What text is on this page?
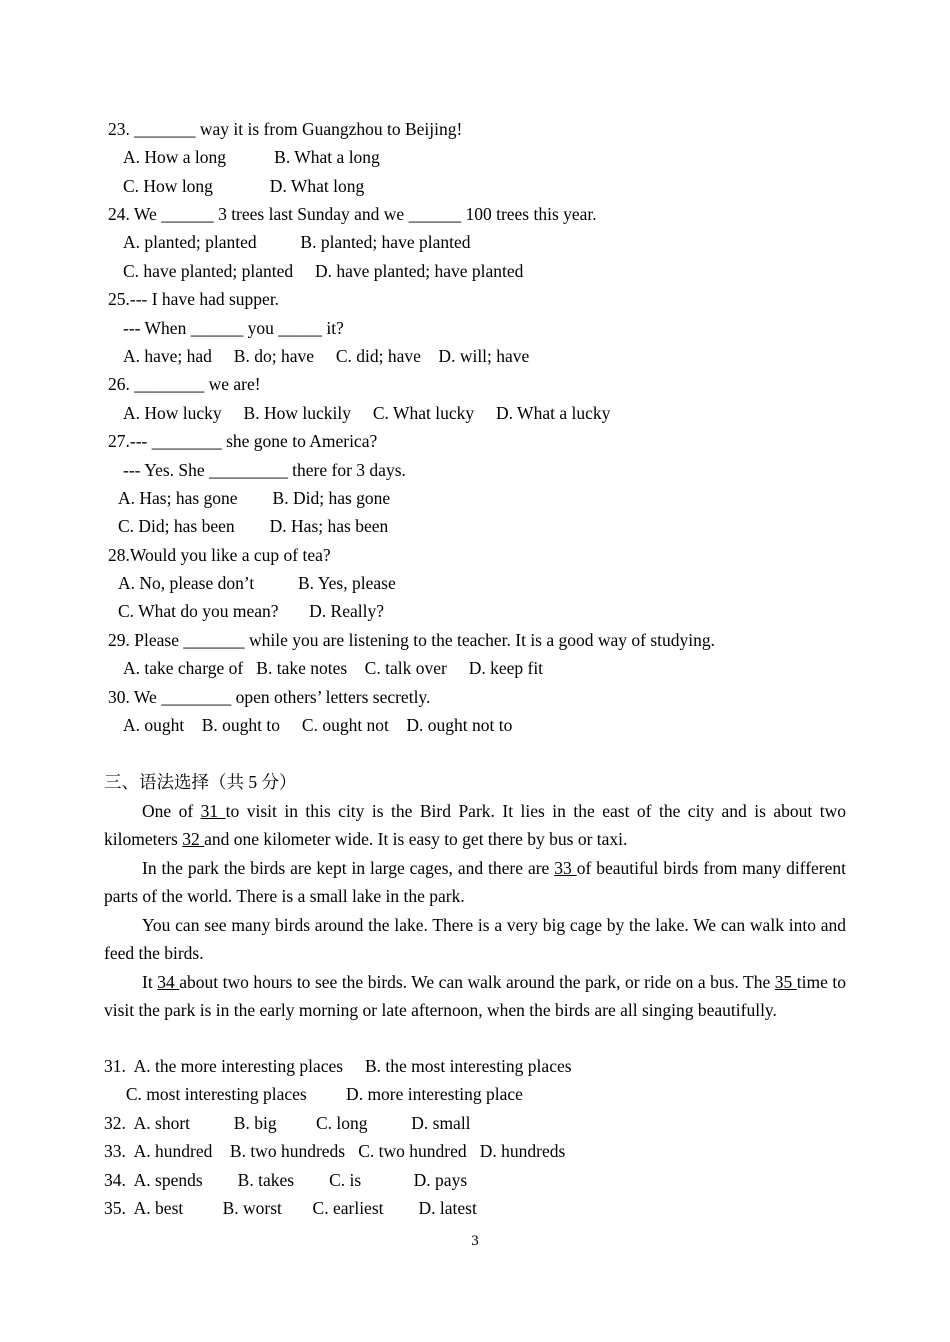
23. _______ way it is from Guangzhou to Beijing!
A. How a long           B. What a long
C. How long             D. What long
24. We ______ 3 trees last Sunday and we ______ 100 trees this year.
A. planted; planted          B. planted; have planted
C. have planted; planted     D. have planted; have planted
25.--- I have had supper.
--- When ______ you _____ it?
A. have; had     B. do; have     C. did; have    D. will; have
26. ________ we are!
A. How lucky     B. How luckily     C. What lucky     D. What a lucky
27.--- ________ she gone to America?
--- Yes. She _________ there for 3 days.
A. Has; has gone        B. Did; has gone
C. Did; has been        D. Has; has been
28.Would you like a cup of tea?
A. No, please don’t          B. Yes, please
C. What do you mean?       D. Really?
29. Please _______ while you are listening to the teacher. It is a good way of studying.
A. take charge of   B. take notes    C. talk over     D. keep fit
30. We ________ open others’ letters secretly.
A. ought    B. ought to     C. ought not    D. ought not to
三、语法选择（共 5 分）
One of 31 to visit in this city is the Bird Park. It lies in the east of the city and is about two kilometers 32 and one kilometer wide. It is easy to get there by bus or taxi.
In the park the birds are kept in large cages, and there are 33 of beautiful birds from many different parts of the world. There is a small lake in the park.
You can see many birds around the lake. There is a very big cage by the lake. We can walk into and feed the birds.
It 34 about two hours to see the birds. We can walk around the park, or ride on a bus. The 35 time to visit the park is in the early morning or late afternoon, when the birds are all singing beautifully.
31.  A. the more interesting places     B. the most interesting places
C. most interesting places         D. more interesting place
32.  A. short          B. big         C. long          D. small
33.  A. hundred    B. two hundreds   C. two hundred   D. hundreds
34.  A. spends        B. takes        C. is            D. pays
35.  A. best         B. worst       C. earliest        D. latest
3
